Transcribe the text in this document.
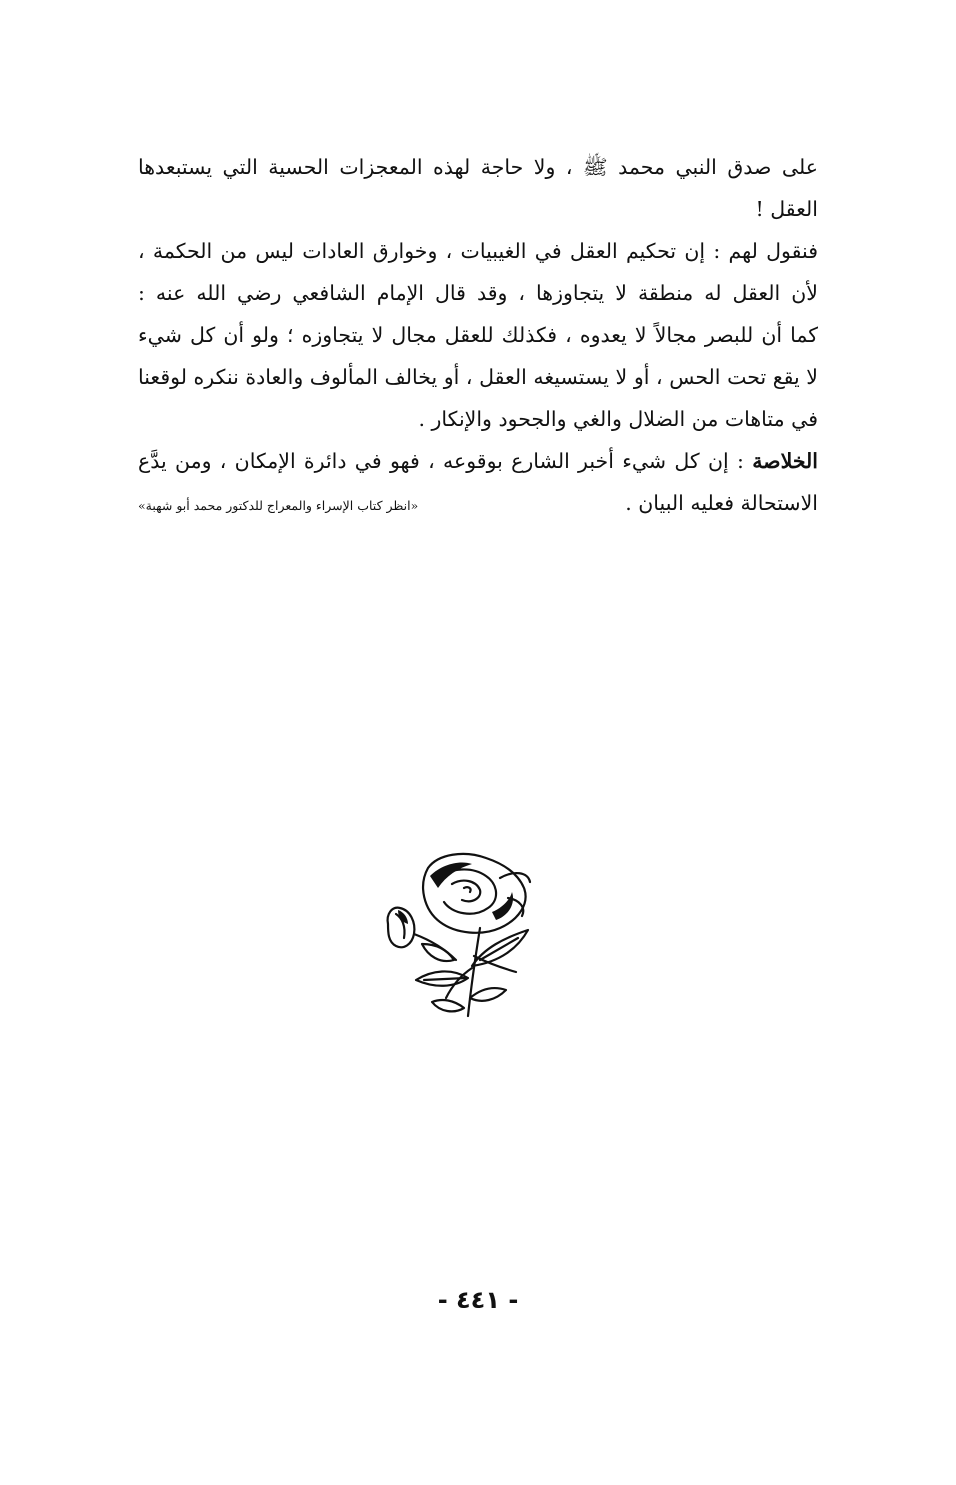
على صدق النبي محمد ﷺ ، ولا حاجة لهذه المعجزات الحسية التي يستبعدها
العقل !
فنقول لهم : إن تحكيم العقل في الغيبيات ، وخوارق العادات ليس من الحكمة ،
لأن العقل له منطقة لا يتجاوزها ، وقد قال الإمام الشافعي رضي الله عنه :
كما أن للبصر مجالاً لا يعدوه ، فكذلك للعقل مجال لا يتجاوزه ؛ ولو أن كل شيء
لا يقع تحت الحس ، أو لا يستسيغه العقل ، أو يخالف المألوف والعادة ننكره لوقعنا
في متاهات من الضلال والغي والجحود والإنكار .
الخلاصة : إن كل شيء أخبر الشارع بوقوعه ، فهو في دائرة الإمكان ، ومن يدَّع
الاستحالة فعليه البيان .
«انظر كتاب الإسراء والمعراج للدكتور محمد أبو شهبة»
- ٤٤١ -
